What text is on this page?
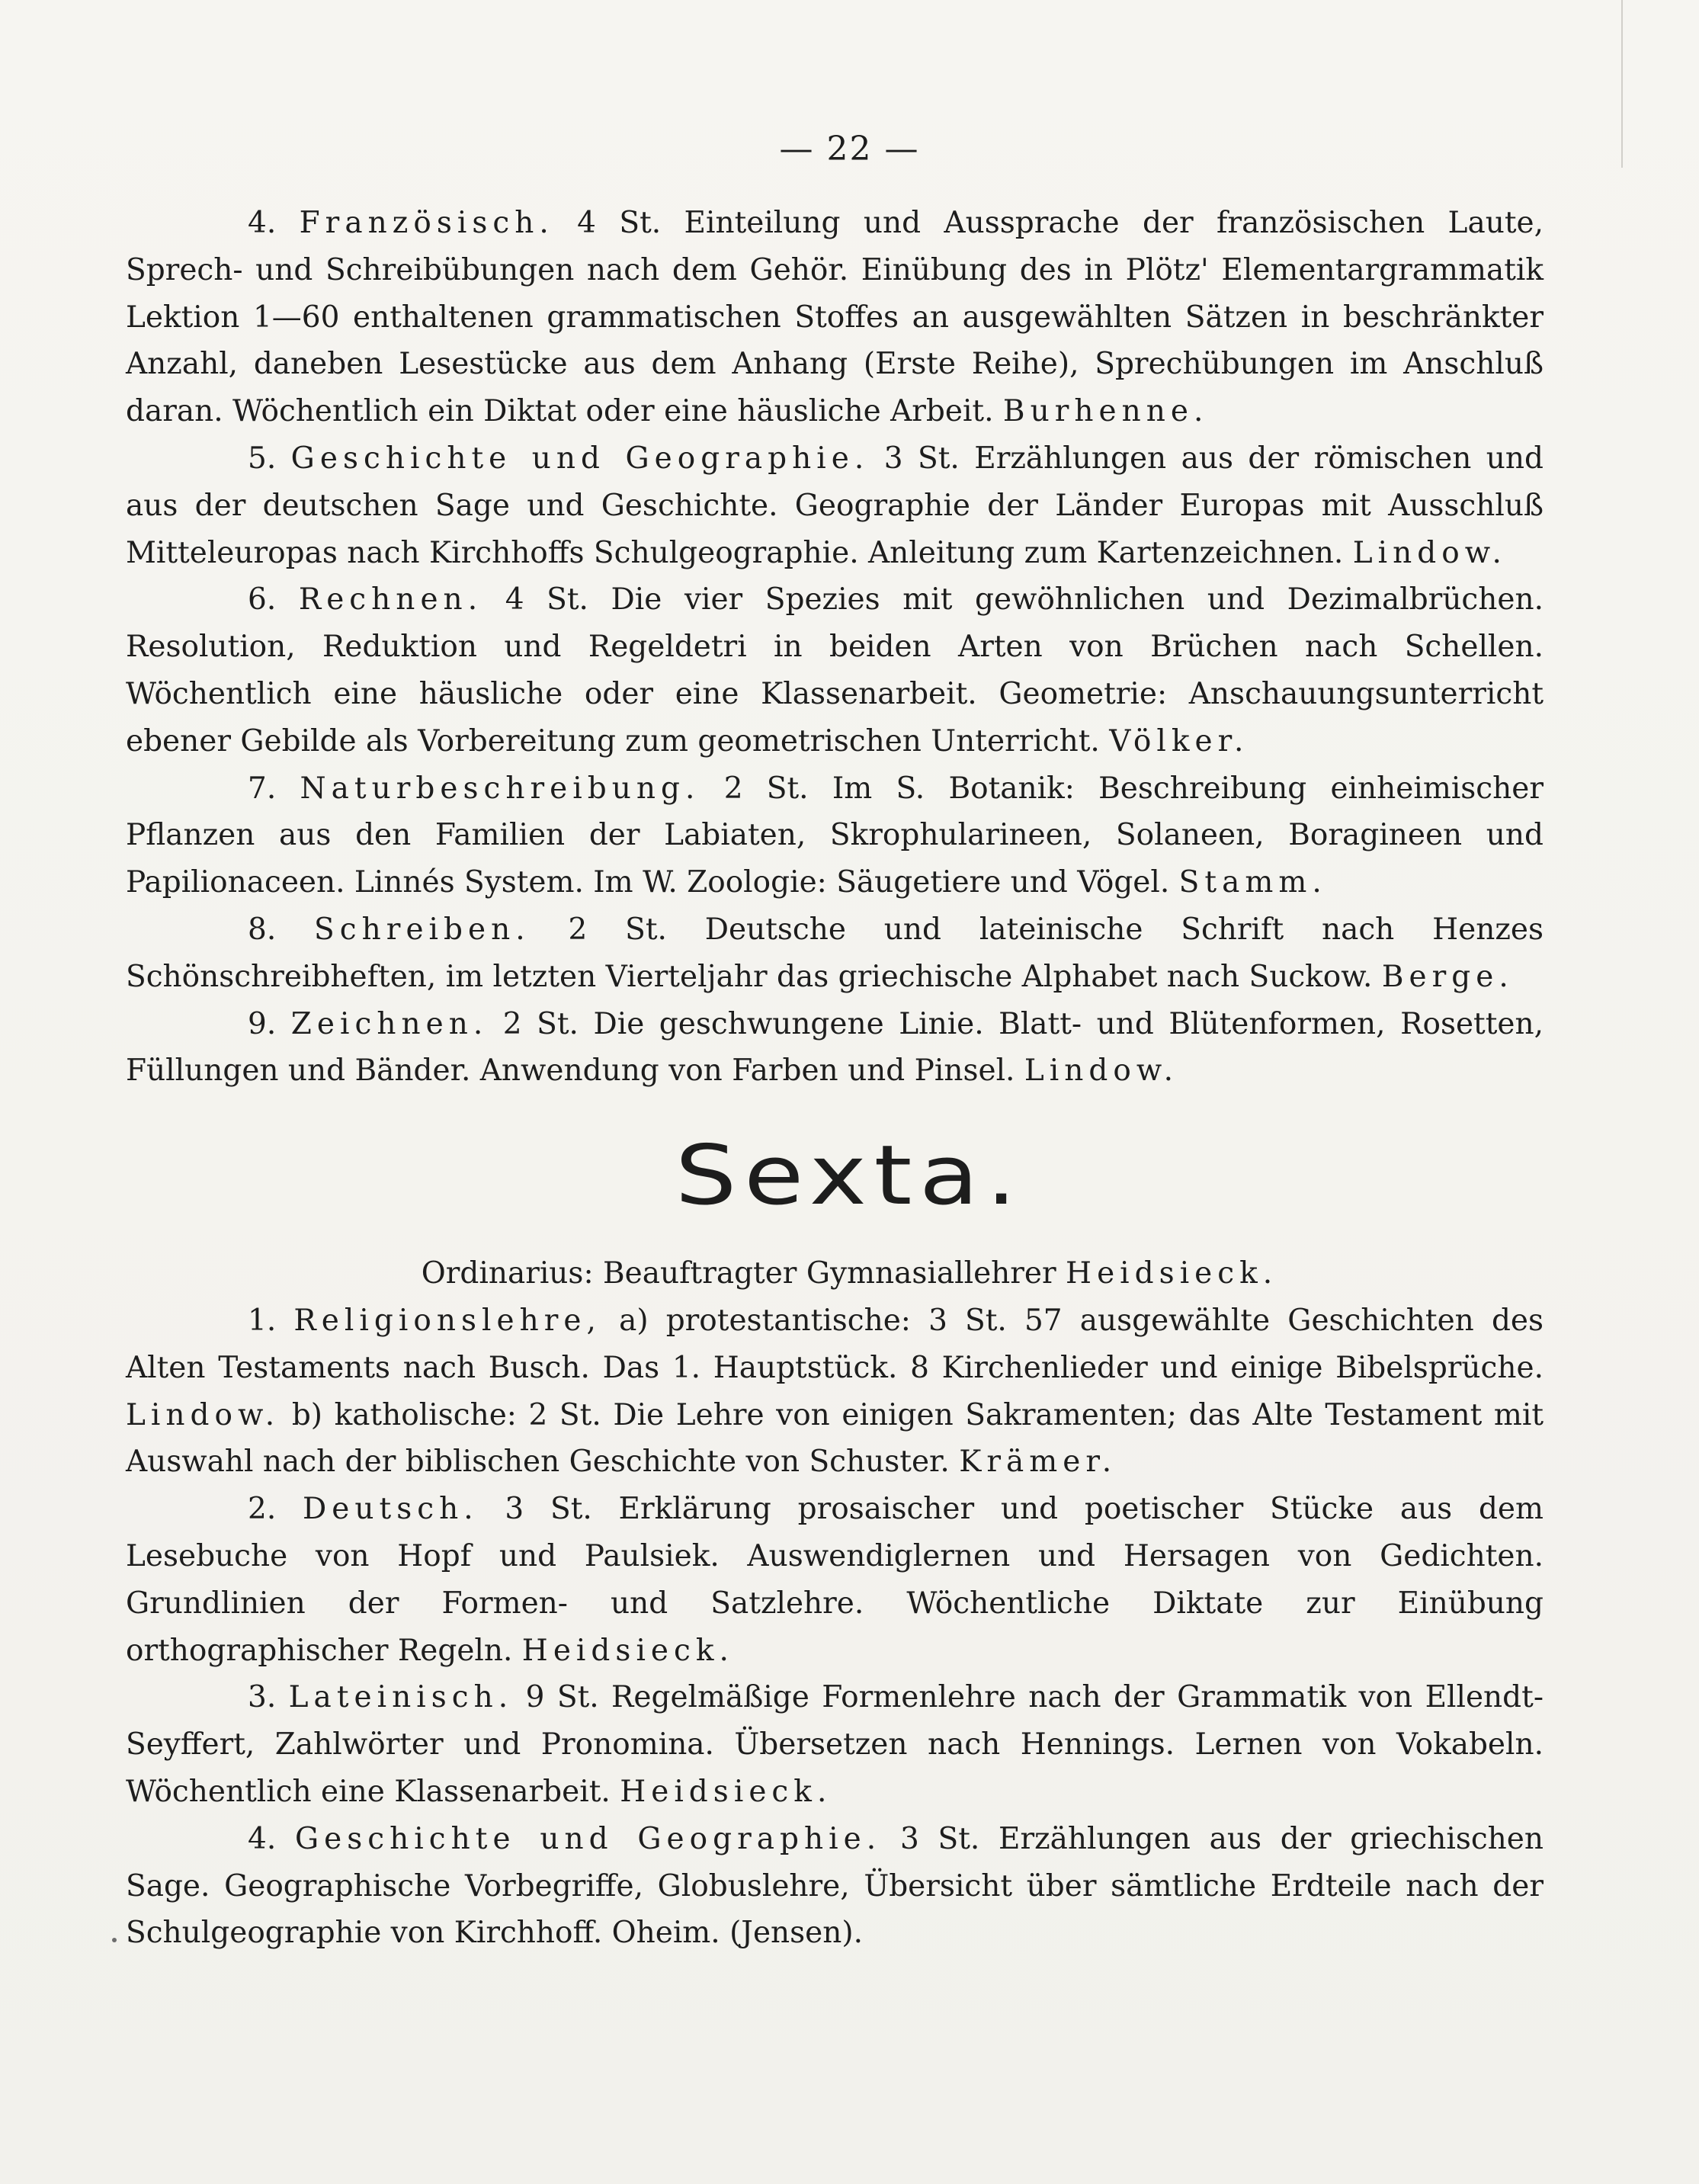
— 22 —

4. Französisch. 4 St. Einteilung und Aussprache der französischen Laute, Sprech- und Schreibübungen nach dem Gehör. Einübung des in Plötz' Elementargrammatik Lektion 1—60 enthaltenen grammatischen Stoffes an ausgewählten Sätzen in beschränkter Anzahl, daneben Lesestücke aus dem Anhang (Erste Reihe), Sprechübungen im Anschluß daran. Wöchentlich ein Diktat oder eine häusliche Arbeit. Burhenne.

5. Geschichte und Geographie. 3 St. Erzählungen aus der römischen und aus der deutschen Sage und Geschichte. Geographie der Länder Europas mit Ausschluß Mitteleuropas nach Kirchhoffs Schulgeographie. Anleitung zum Kartenzeichnen. Lindow.

6. Rechnen. 4 St. Die vier Spezies mit gewöhnlichen und Dezimalbrüchen. Resolution, Reduktion und Regeldetri in beiden Arten von Brüchen nach Schellen. Wöchentlich eine häusliche oder eine Klassenarbeit. Geometrie: Anschauungsunterricht ebener Gebilde als Vorbereitung zum geometrischen Unterricht. Völker.

7. Naturbeschreibung. 2 St. Im S. Botanik: Beschreibung einheimischer Pflanzen aus den Familien der Labiaten, Skrophularineen, Solaneen, Boragineen und Papilionaceen. Linnés System. Im W. Zoologie: Säugetiere und Vögel. Stamm.

8. Schreiben. 2 St. Deutsche und lateinische Schrift nach Henzes Schönschreibheften, im letzten Vierteljahr das griechische Alphabet nach Suckow. Berge.

9. Zeichnen. 2 St. Die geschwungene Linie. Blatt- und Blütenformen, Rosetten, Füllungen und Bänder. Anwendung von Farben und Pinsel. Lindow.

Sexta.
Ordinarius: Beauftragter Gymnasiallehrer Heidsieck.

1. Religionslehre, a) protestantische: 3 St. 57 ausgewählte Geschichten des Alten Testaments nach Busch. Das 1. Hauptstück. 8 Kirchenlieder und einige Bibelsprüche. Lindow. b) katholische: 2 St. Die Lehre von einigen Sakramenten; das Alte Testament mit Auswahl nach der biblischen Geschichte von Schuster. Krämer.

2. Deutsch. 3 St. Erklärung prosaischer und poetischer Stücke aus dem Lesebuche von Hopf und Paulsiek. Auswendiglernen und Hersagen von Gedichten. Grundlinien der Formen- und Satzlehre. Wöchentliche Diktate zur Einübung orthographischer Regeln. Heidsieck.

3. Lateinisch. 9 St. Regelmäßige Formenlehre nach der Grammatik von Ellendt-Seyffert, Zahlwörter und Pronomina. Übersetzen nach Hennings. Lernen von Vokabeln. Wöchentlich eine Klassenarbeit. Heidsieck.

4. Geschichte und Geographie. 3 St. Erzählungen aus der griechischen Sage. Geographische Vorbegriffe, Globuslehre, Übersicht über sämtliche Erdteile nach der Schulgeographie von Kirchhoff. Oheim. (Jensen).
